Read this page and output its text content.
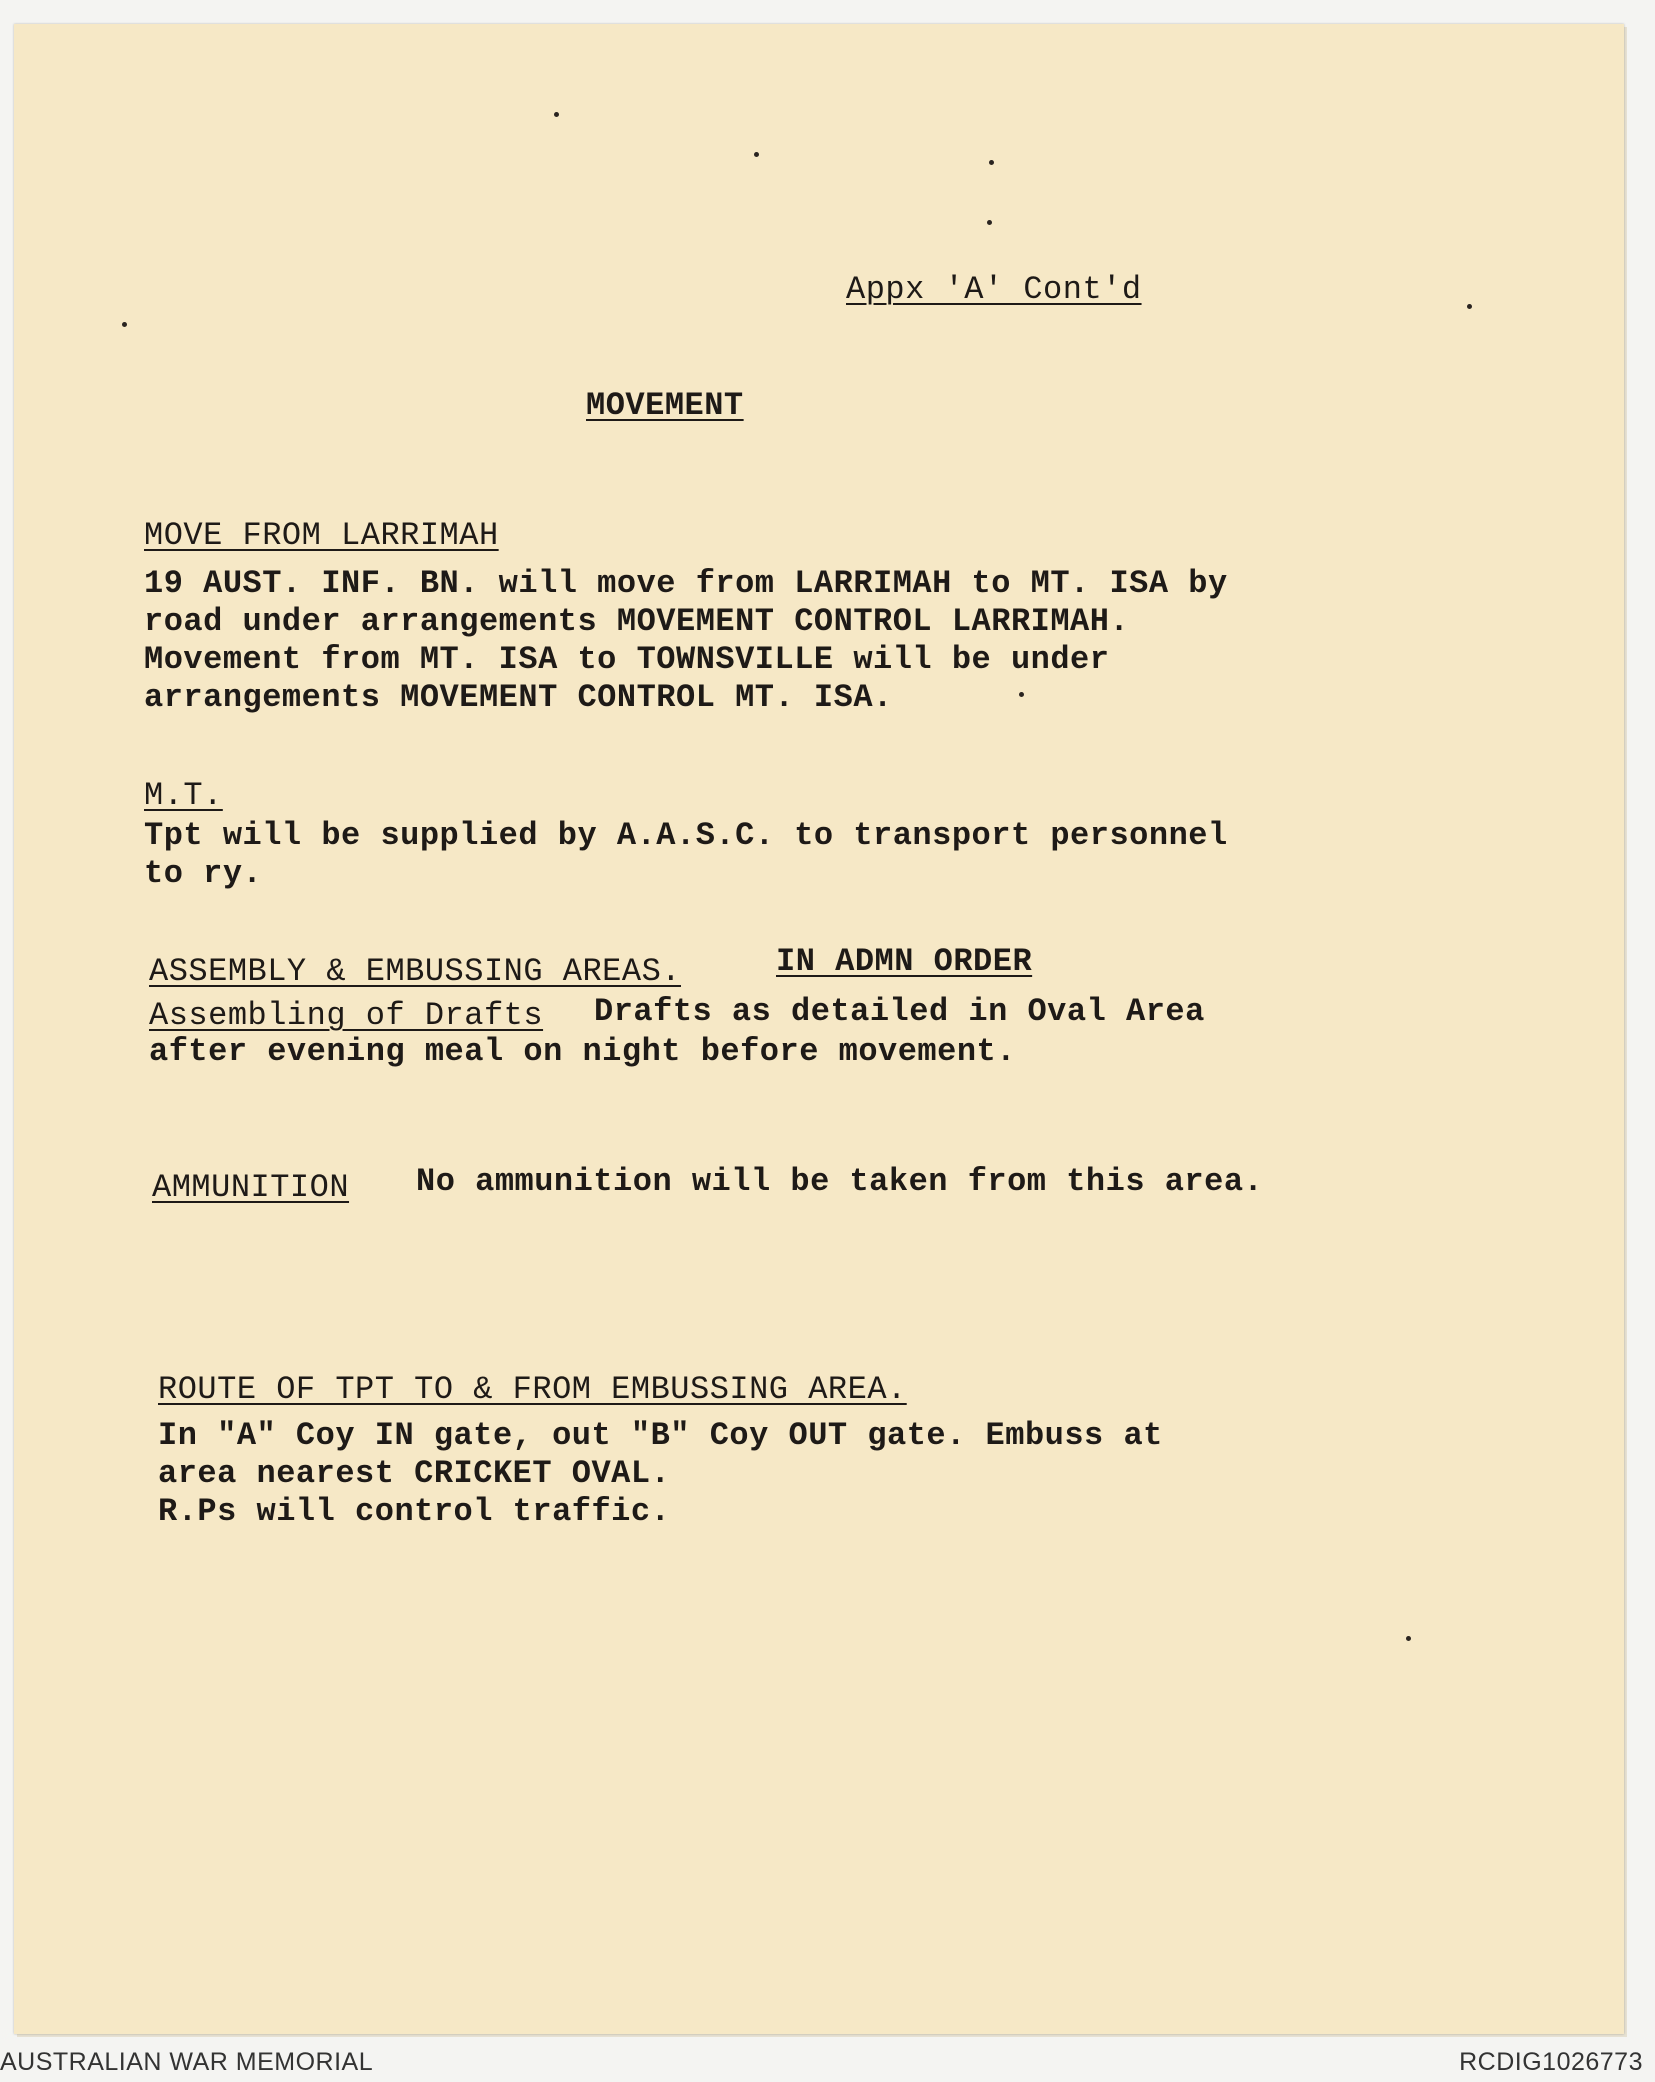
Appx 'A' Cont'd
MOVEMENT
MOVE FROM LARRIMAH
19 AUST. INF. BN. will move from LARRIMAH to MT. ISA by
road under arrangements MOVEMENT CONTROL LARRIMAH.
Movement from MT. ISA to TOWNSVILLE will be under
arrangements MOVEMENT CONTROL MT. ISA.
M.T.
Tpt will be supplied by A.A.S.C. to transport personnel
to ry.
ASSEMBLY & EMBUSSING AREAS.	IN ADMN ORDER
Assembling of Drafts Drafts as detailed in Oval Area
after evening meal on night before movement.
AMMUNITION No ammunition will be taken from this area.
ROUTE OF TPT TO & FROM EMBUSSING AREA.
In "A" Coy IN gate, out "B" Coy OUT gate. Embuss at
area nearest CRICKET OVAL.
R.Ps will control traffic.
AUSTRALIAN WAR MEMORIAL	RCDIG1026773
